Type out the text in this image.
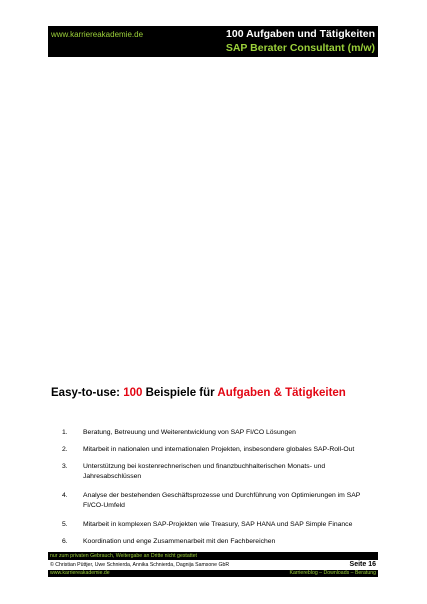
www.karriereakademie.de	100 Aufgaben und Tätigkeiten
SAP Berater Consultant (m/w)
Easy-to-use: 100 Beispiele für Aufgaben & Tätigkeiten
1. Beratung, Betreuung und Weiterentwicklung von SAP FI/CO Lösungen
2. Mitarbeit in nationalen und internationalen Projekten, insbesondere globales SAP-Roll-Out
3. Unterstützung bei kostenrechnerischen und finanzbuchhalterischen Monats- und Jahresabschlüssen
4. Analyse der bestehenden Geschäftsprozesse und Durchführung von Optimierungen im SAP FI/CO-Umfeld
5. Mitarbeit in komplexen SAP-Projekten wie Treasury, SAP HANA und SAP Simple Finance
6. Koordination und enge Zusammenarbeit mit den Fachbereichen
nur zum privaten Gebrauch, Weitergabe an Dritte nicht gestattet
© Christian Püttjer, Uwe Schnierda, Annika Schnierda, Dagnija Samsone GbR	Seite 16
www.karriereakademie.de	Karriereblog – Downloads – Beratung
